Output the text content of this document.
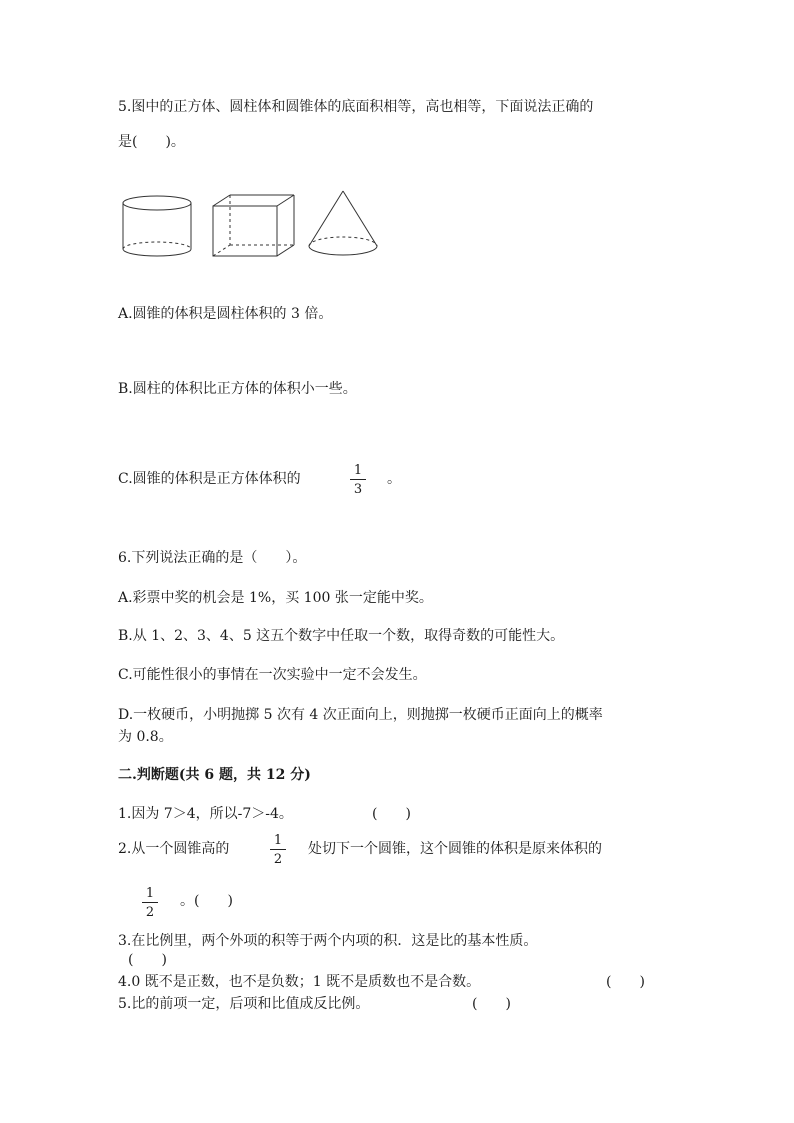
5.图中的正方体、圆柱体和圆锥体的底面积相等，高也相等，下面说法正确的
是(　　)。
A.圆锥的体积是圆柱体积的 3 倍。
B.圆柱的体积比正方体的体积小一些。
C.圆锥的体积是正方体体积的
1
3
。
6.下列说法正确的是（　　）。
A.彩票中奖的机会是 1%，买 100 张一定能中奖。
B.从 1、2、3、4、5 这五个数字中任取一个数，取得奇数的可能性大。
C.可能性很小的事情在一次实验中一定不会发生。
D.一枚硬币，小明抛掷 5 次有 4 次正面向上，则抛掷一枚硬币正面向上的概率
为 0.8。
二.判断题(共 6 题，共 12 分)
1.因为 7＞4，所以-7＞-4。	(　　)
2.从一个圆锥高的
1
2
处切下一个圆锥，这个圆锥的体积是原来体积的
1
2
。(　　)
3.在比例里，两个外项的积等于两个内项的积．这是比的基本性质。
(　　)
4.0 既不是正数，也不是负数；1 既不是质数也不是合数。	(　　)
5.比的前项一定，后项和比值成反比例。	(　　)
